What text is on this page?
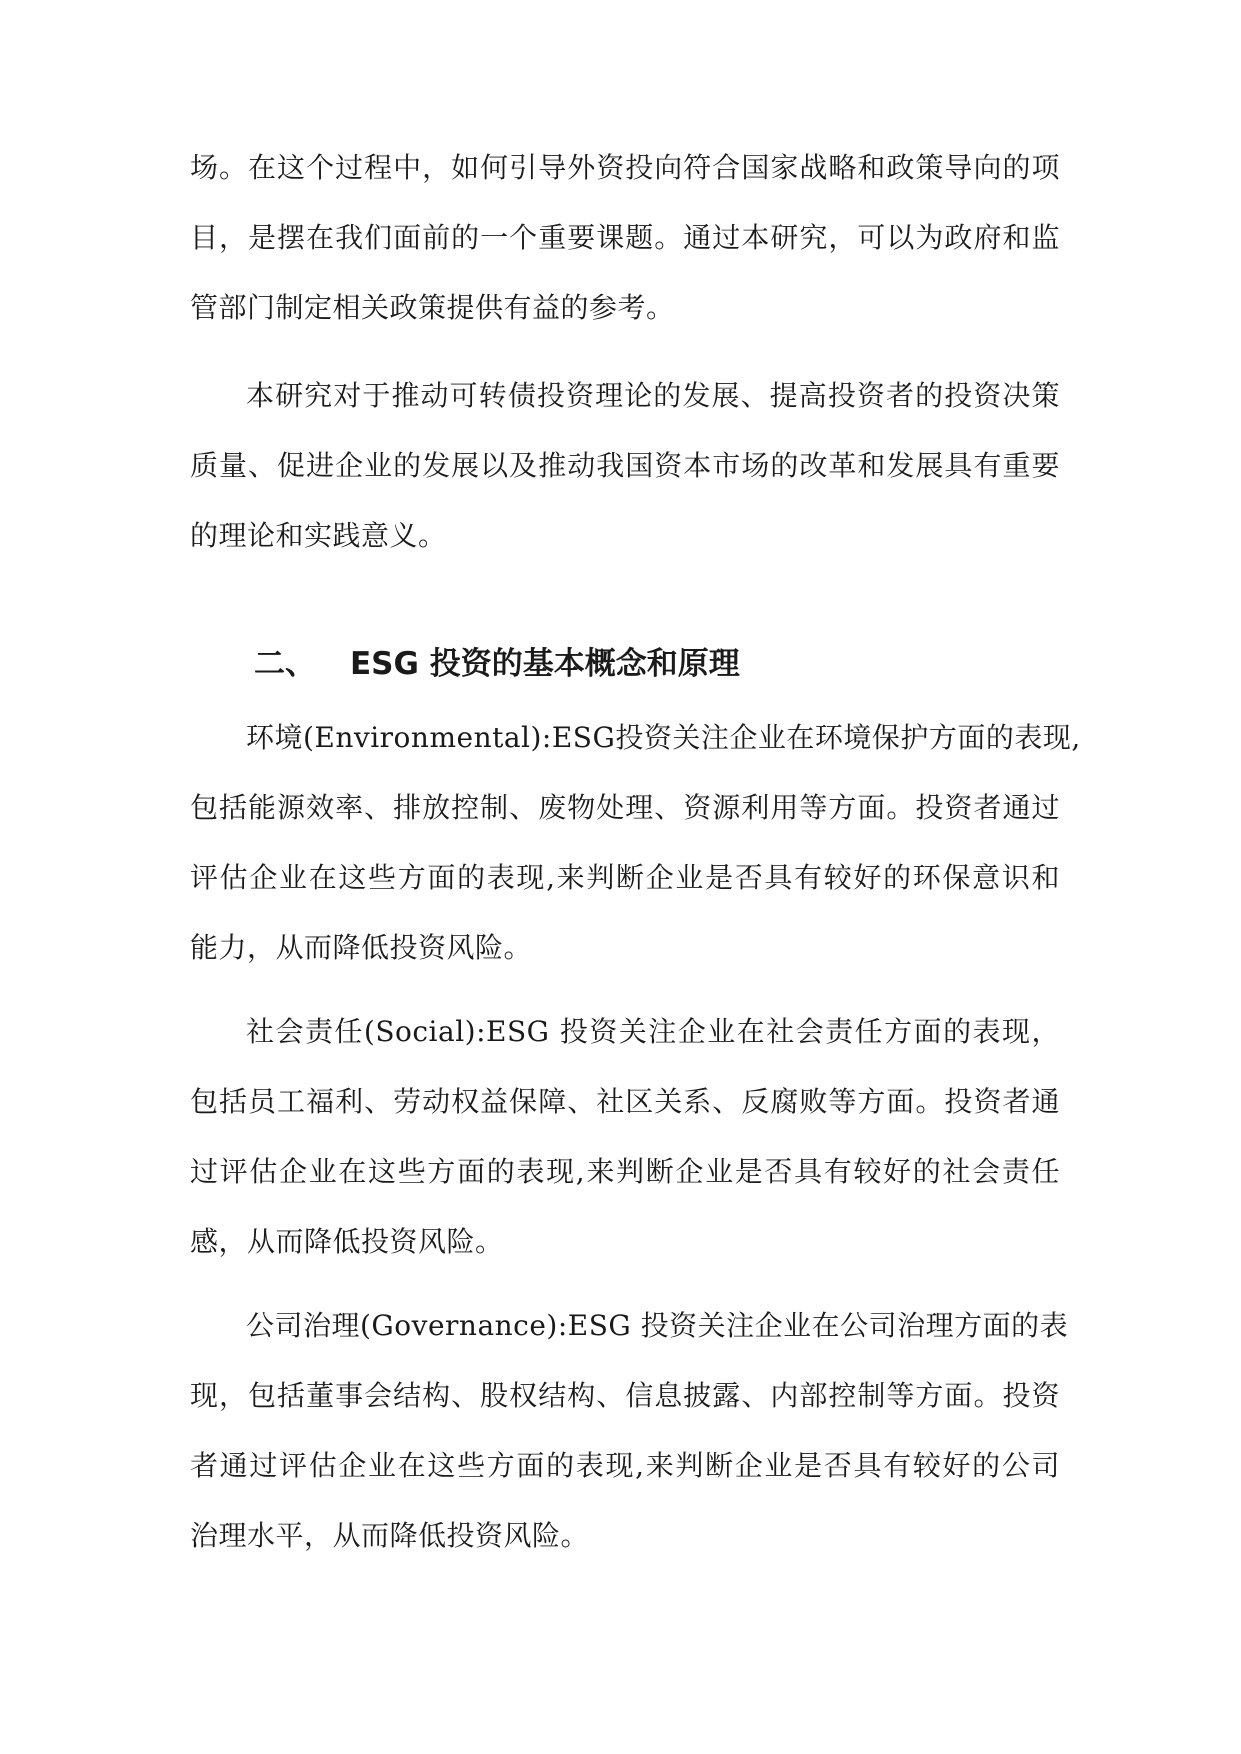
场。在这个过程中，如何引导外资投向符合国家战略和政策导向的项
目，是摆在我们面前的一个重要课题。通过本研究，可以为政府和监
管部门制定相关政策提供有益的参考。
本研究对于推动可转债投资理论的发展、提高投资者的投资决策
质量、促进企业的发展以及推动我国资本市场的改革和发展具有重要
的理论和实践意义。
二、 ESG 投资的基本概念和原理
环境(Environmental):ESG投资关注企业在环境保护方面的表现,
包括能源效率、排放控制、废物处理、资源利用等方面。投资者通过
评估企业在这些方面的表现,来判断企业是否具有较好的环保意识和
能力，从而降低投资风险。
社会责任(Social):ESG 投资关注企业在社会责任方面的表现，
包括员工福利、劳动权益保障、社区关系、反腐败等方面。投资者通
过评估企业在这些方面的表现,来判断企业是否具有较好的社会责任
感，从而降低投资风险。
公司治理(Governance):ESG 投资关注企业在公司治理方面的表
现，包括董事会结构、股权结构、信息披露、内部控制等方面。投资
者通过评估企业在这些方面的表现,来判断企业是否具有较好的公司
治理水平，从而降低投资风险。
